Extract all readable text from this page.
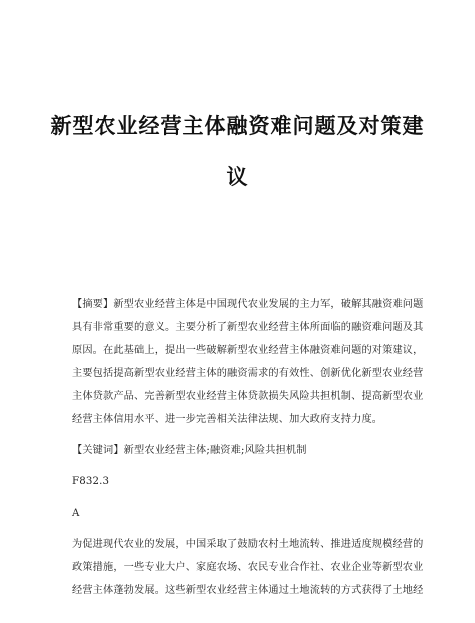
新型农业经营主体融资难问题及对策建
议
【摘要】新型农业经营主体是中国现代农业发展的主力军，破解其融资难问题
具有非常重要的意义。主要分析了新型农业经营主体所面临的融资难问题及其
原因。在此基础上，提出一些破解新型农业经营主体融资难问题的对策建议，
主要包括提高新型农业经营主体的融资需求的有效性、创新优化新型农业经营
主体贷款产品、完善新型农业经营主体贷款损失风险共担机制、提高新型农业
经营主体信用水平、进一步完善相关法律法规、加大政府支持力度。
【关键词】新型农业经营主体;融资难;风险共担机制
F832.3
A
为促进现代农业的发展，中国采取了鼓励农村土地流转、推进适度规模经营的
政策措施，一些专业大户、家庭农场、农民专业合作社、农业企业等新型农业
经营主体蓬勃发展。这些新型农业经营主体通过土地流转的方式获得了土地经
